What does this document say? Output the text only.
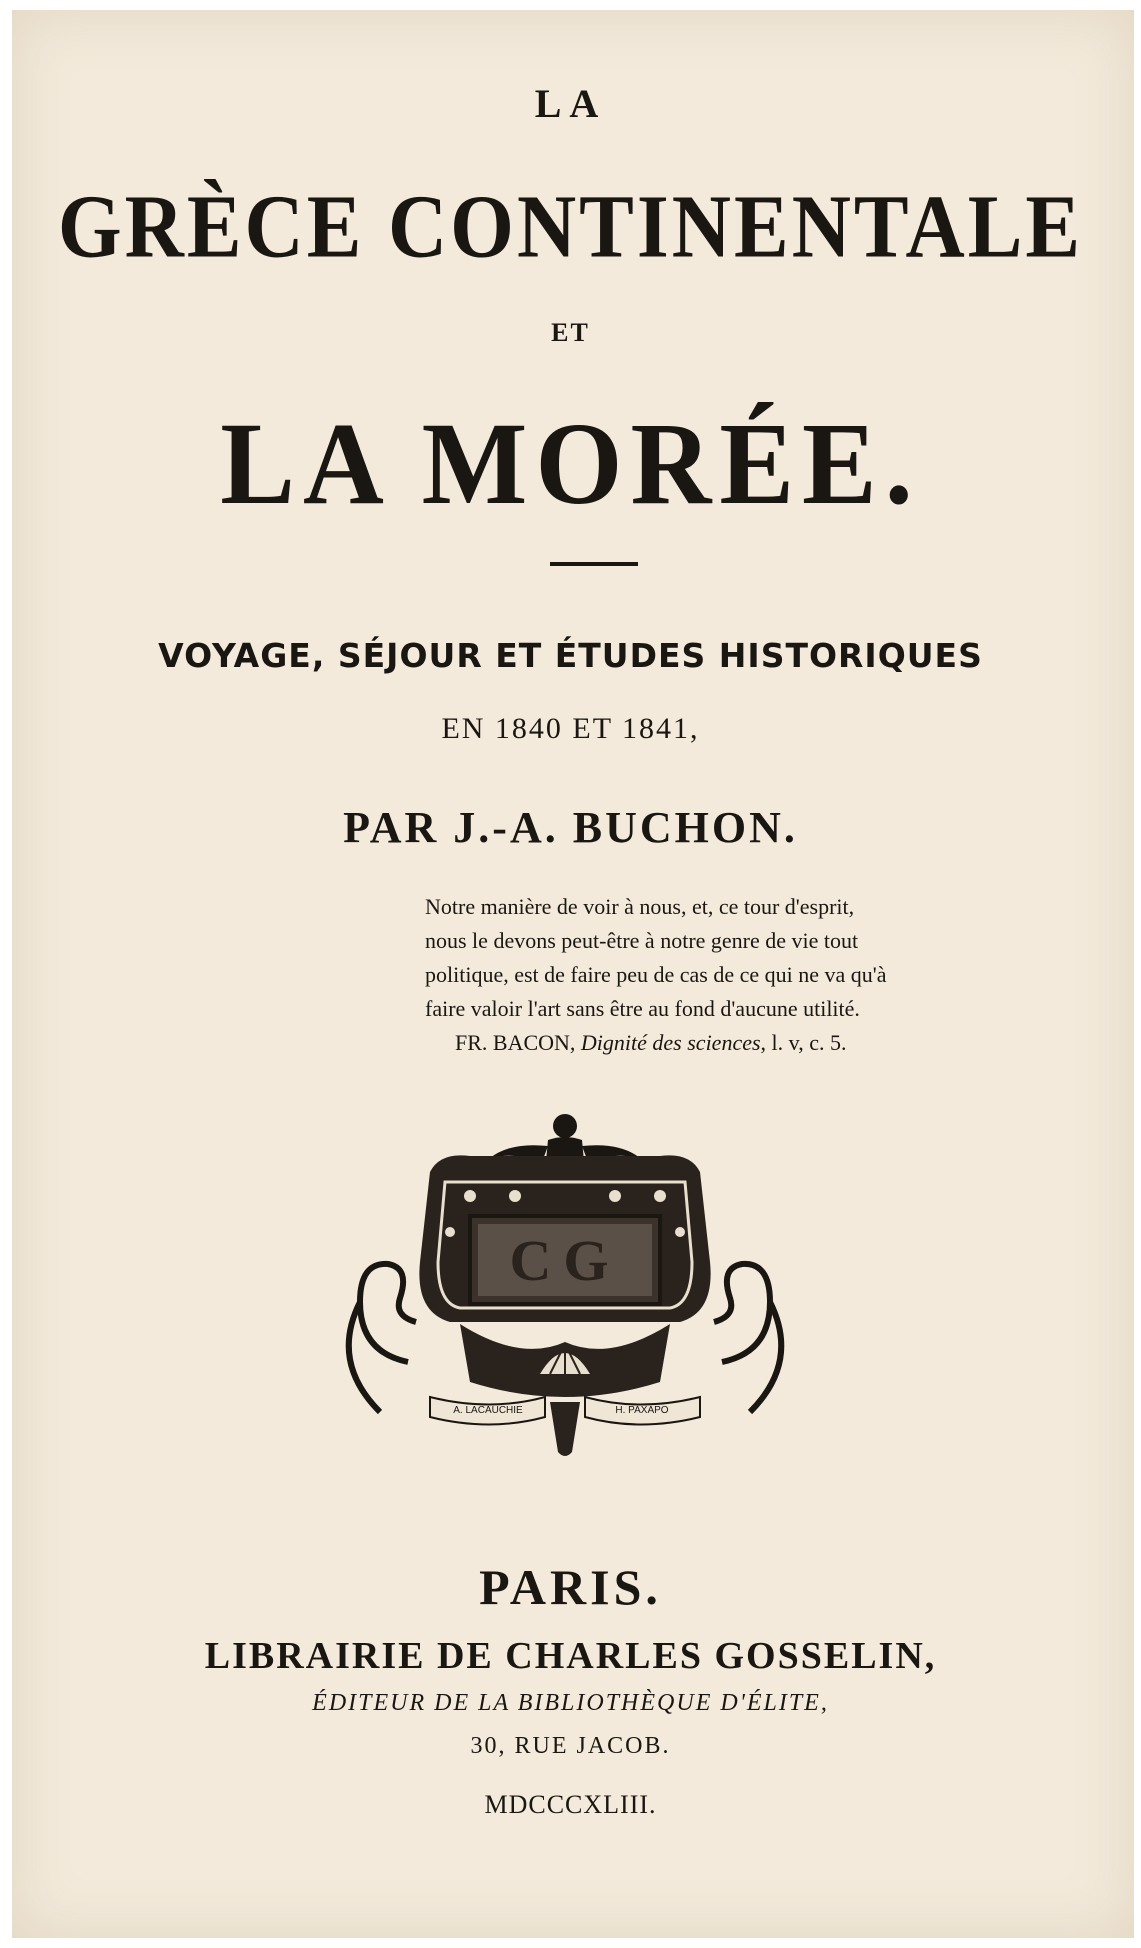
LA
GRÈCE CONTINENTALE
ET
LA MORÉE.
VOYAGE, SÉJOUR ET ÉTUDES HISTORIQUES
EN 1840 ET 1841,
PAR J.-A. BUCHON.
Notre manière de voir à nous, et, ce tour d'esprit,
nous le devons peut-être à notre genre de vie tout
politique, est de faire peu de cas de ce qui ne va qu'à
faire valoir l'art sans être au fond d'aucune utilité.
FR. BACON, Dignité des sciences, l. v, c. 5.
CG
A. LACAUCHIE	H. PAXAPO
PARIS.
LIBRAIRIE DE CHARLES GOSSELIN,
ÉDITEUR DE LA BIBLIOTHÈQUE D'ÉLITE,
30, RUE JACOB.
MDCCCXLIII.
